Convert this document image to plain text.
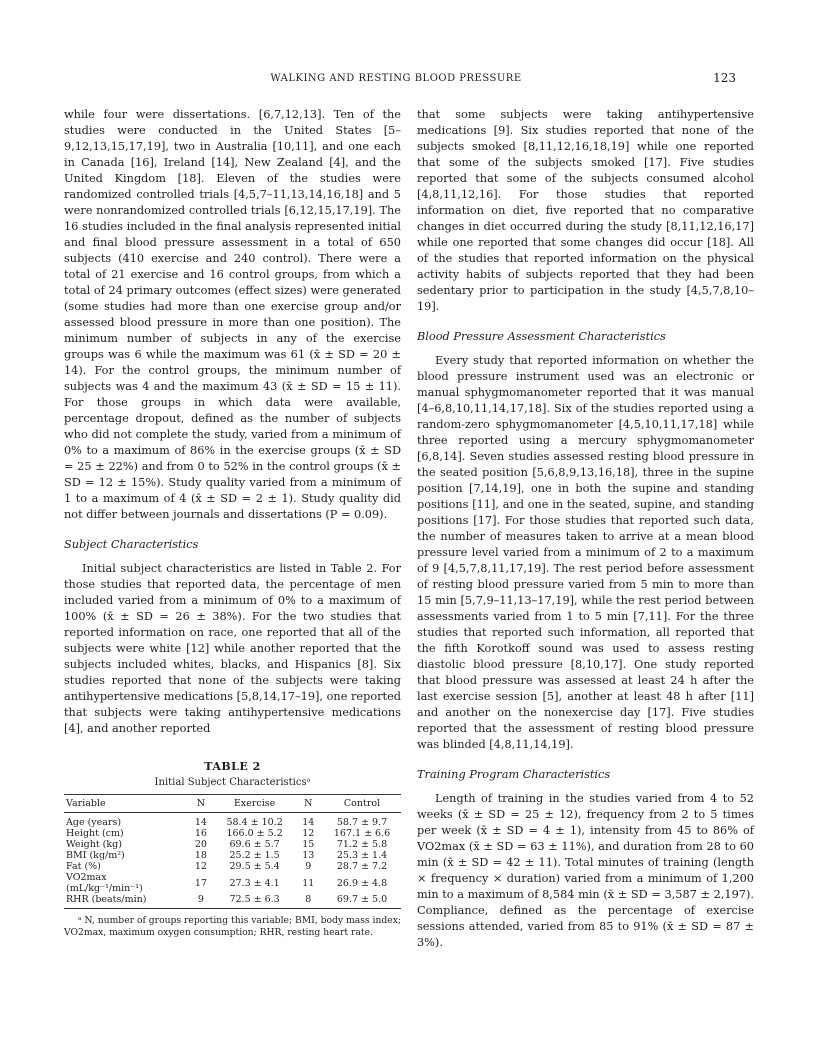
WALKING AND RESTING BLOOD PRESSURE	123

while four were dissertations. [6,7,12,13]. Ten of the studies were conducted in the United States [5–9,12,13,15,17,19], two in Australia [10,11], and one each in Canada [16], Ireland [14], New Zealand [4], and the United Kingdom [18]. Eleven of the studies were randomized controlled trials [4,5,7–11,13,14,16,18] and 5 were nonrandomized controlled trials [6,12,15,17,19]. The 16 studies included in the final analysis represented initial and final blood pressure assessment in a total of 650 subjects (410 exercise and 240 control). There were a total of 21 exercise and 16 control groups, from which a total of 24 primary outcomes (effect sizes) were generated (some studies had more than one exercise group and/or assessed blood pressure in more than one position). The minimum number of subjects in any of the exercise groups was 6 while the maximum was 61 (x̄ ± SD = 20 ± 14). For the control groups, the minimum number of subjects was 4 and the maximum 43 (x̄ ± SD = 15 ± 11). For those groups in which data were available, percentage dropout, defined as the number of subjects who did not complete the study, varied from a minimum of 0% to a maximum of 86% in the exercise groups (x̄ ± SD = 25 ± 22%) and from 0 to 52% in the control groups (x̄ ± SD = 12 ± 15%). Study quality varied from a minimum of 1 to a maximum of 4 (x̄ ± SD = 2 ± 1). Study quality did not differ between journals and dissertations (P = 0.09).

Subject Characteristics

Initial subject characteristics are listed in Table 2. For those studies that reported data, the percentage of men included varied from a minimum of 0% to a maximum of 100% (x̄ ± SD = 26 ± 38%). For the two studies that reported information on race, one reported that all of the subjects were white [12] while another reported that the subjects included whites, blacks, and Hispanics [8]. Six studies reported that none of the subjects were taking antihypertensive medications [5,8,14,17–19], one reported that subjects were taking antihypertensive medications [4], and another reported

TABLE 2
Initial Subject Characteristicsᵃ
Variable	N	Exercise	N	Control
Age (years)	14	58.4 ± 10.2	14	58.7 ± 9.7
Height (cm)	16	166.0 ± 5.2	12	167.1 ± 6.6
Weight (kg)	20	69.6 ± 5.7	15	71.2 ± 5.8
BMI (kg/m²)	18	25.2 ± 1.5	13	25.3 ± 1.4
Fat (%)	12	29.5 ± 5.4	9	28.7 ± 7.2
VO2max (mL/kg⁻¹/min⁻¹)	17	27.3 ± 4.1	11	26.9 ± 4.8
RHR (beats/min)	9	72.5 ± 6.3	8	69.7 ± 5.0

ᵃ N, number of groups reporting this variable; BMI, body mass index; VO2max, maximum oxygen consumption; RHR, resting heart rate.

that some subjects were taking antihypertensive medications [9]. Six studies reported that none of the subjects smoked [8,11,12,16,18,19] while one reported that some of the subjects smoked [17]. Five studies reported that some of the subjects consumed alcohol [4,8,11,12,16]. For those studies that reported information on diet, five reported that no comparative changes in diet occurred during the study [8,11,12,16,17] while one reported that some changes did occur [18]. All of the studies that reported information on the physical activity habits of subjects reported that they had been sedentary prior to participation in the study [4,5,7,8,10–19].

Blood Pressure Assessment Characteristics

Every study that reported information on whether the blood pressure instrument used was an electronic or manual sphygmomanometer reported that it was manual [4–6,8,10,11,14,17,18]. Six of the studies reported using a random-zero sphygmomanometer [4,5,10,11,17,18] while three reported using a mercury sphygmomanometer [6,8,14]. Seven studies assessed resting blood pressure in the seated position [5,6,8,9,13,16,18], three in the supine position [7,14,19], one in both the supine and standing positions [11], and one in the seated, supine, and standing positions [17]. For those studies that reported such data, the number of measures taken to arrive at a mean blood pressure level varied from a minimum of 2 to a maximum of 9 [4,5,7,8,11,17,19]. The rest period before assessment of resting blood pressure varied from 5 min to more than 15 min [5,7,9–11,13–17,19], while the rest period between assessments varied from 1 to 5 min [7,11]. For the three studies that reported such information, all reported that the fifth Korotkoff sound was used to assess resting diastolic blood pressure [8,10,17]. One study reported that blood pressure was assessed at least 24 h after the last exercise session [5], another at least 48 h after [11] and another on the nonexercise day [17]. Five studies reported that the assessment of resting blood pressure was blinded [4,8,11,14,19].

Training Program Characteristics

Length of training in the studies varied from 4 to 52 weeks (x̄ ± SD = 25 ± 12), frequency from 2 to 5 times per week (x̄ ± SD = 4 ± 1), intensity from 45 to 86% of VO2max (x̄ ± SD = 63 ± 11%), and duration from 28 to 60 min (x̄ ± SD = 42 ± 11). Total minutes of training (length × frequency × duration) varied from a minimum of 1,200 min to a maximum of 8,584 min (x̄ ± SD = 3,587 ± 2,197). Compliance, defined as the percentage of exercise sessions attended, varied from 85 to 91% (x̄ ± SD = 87 ± 3%).
